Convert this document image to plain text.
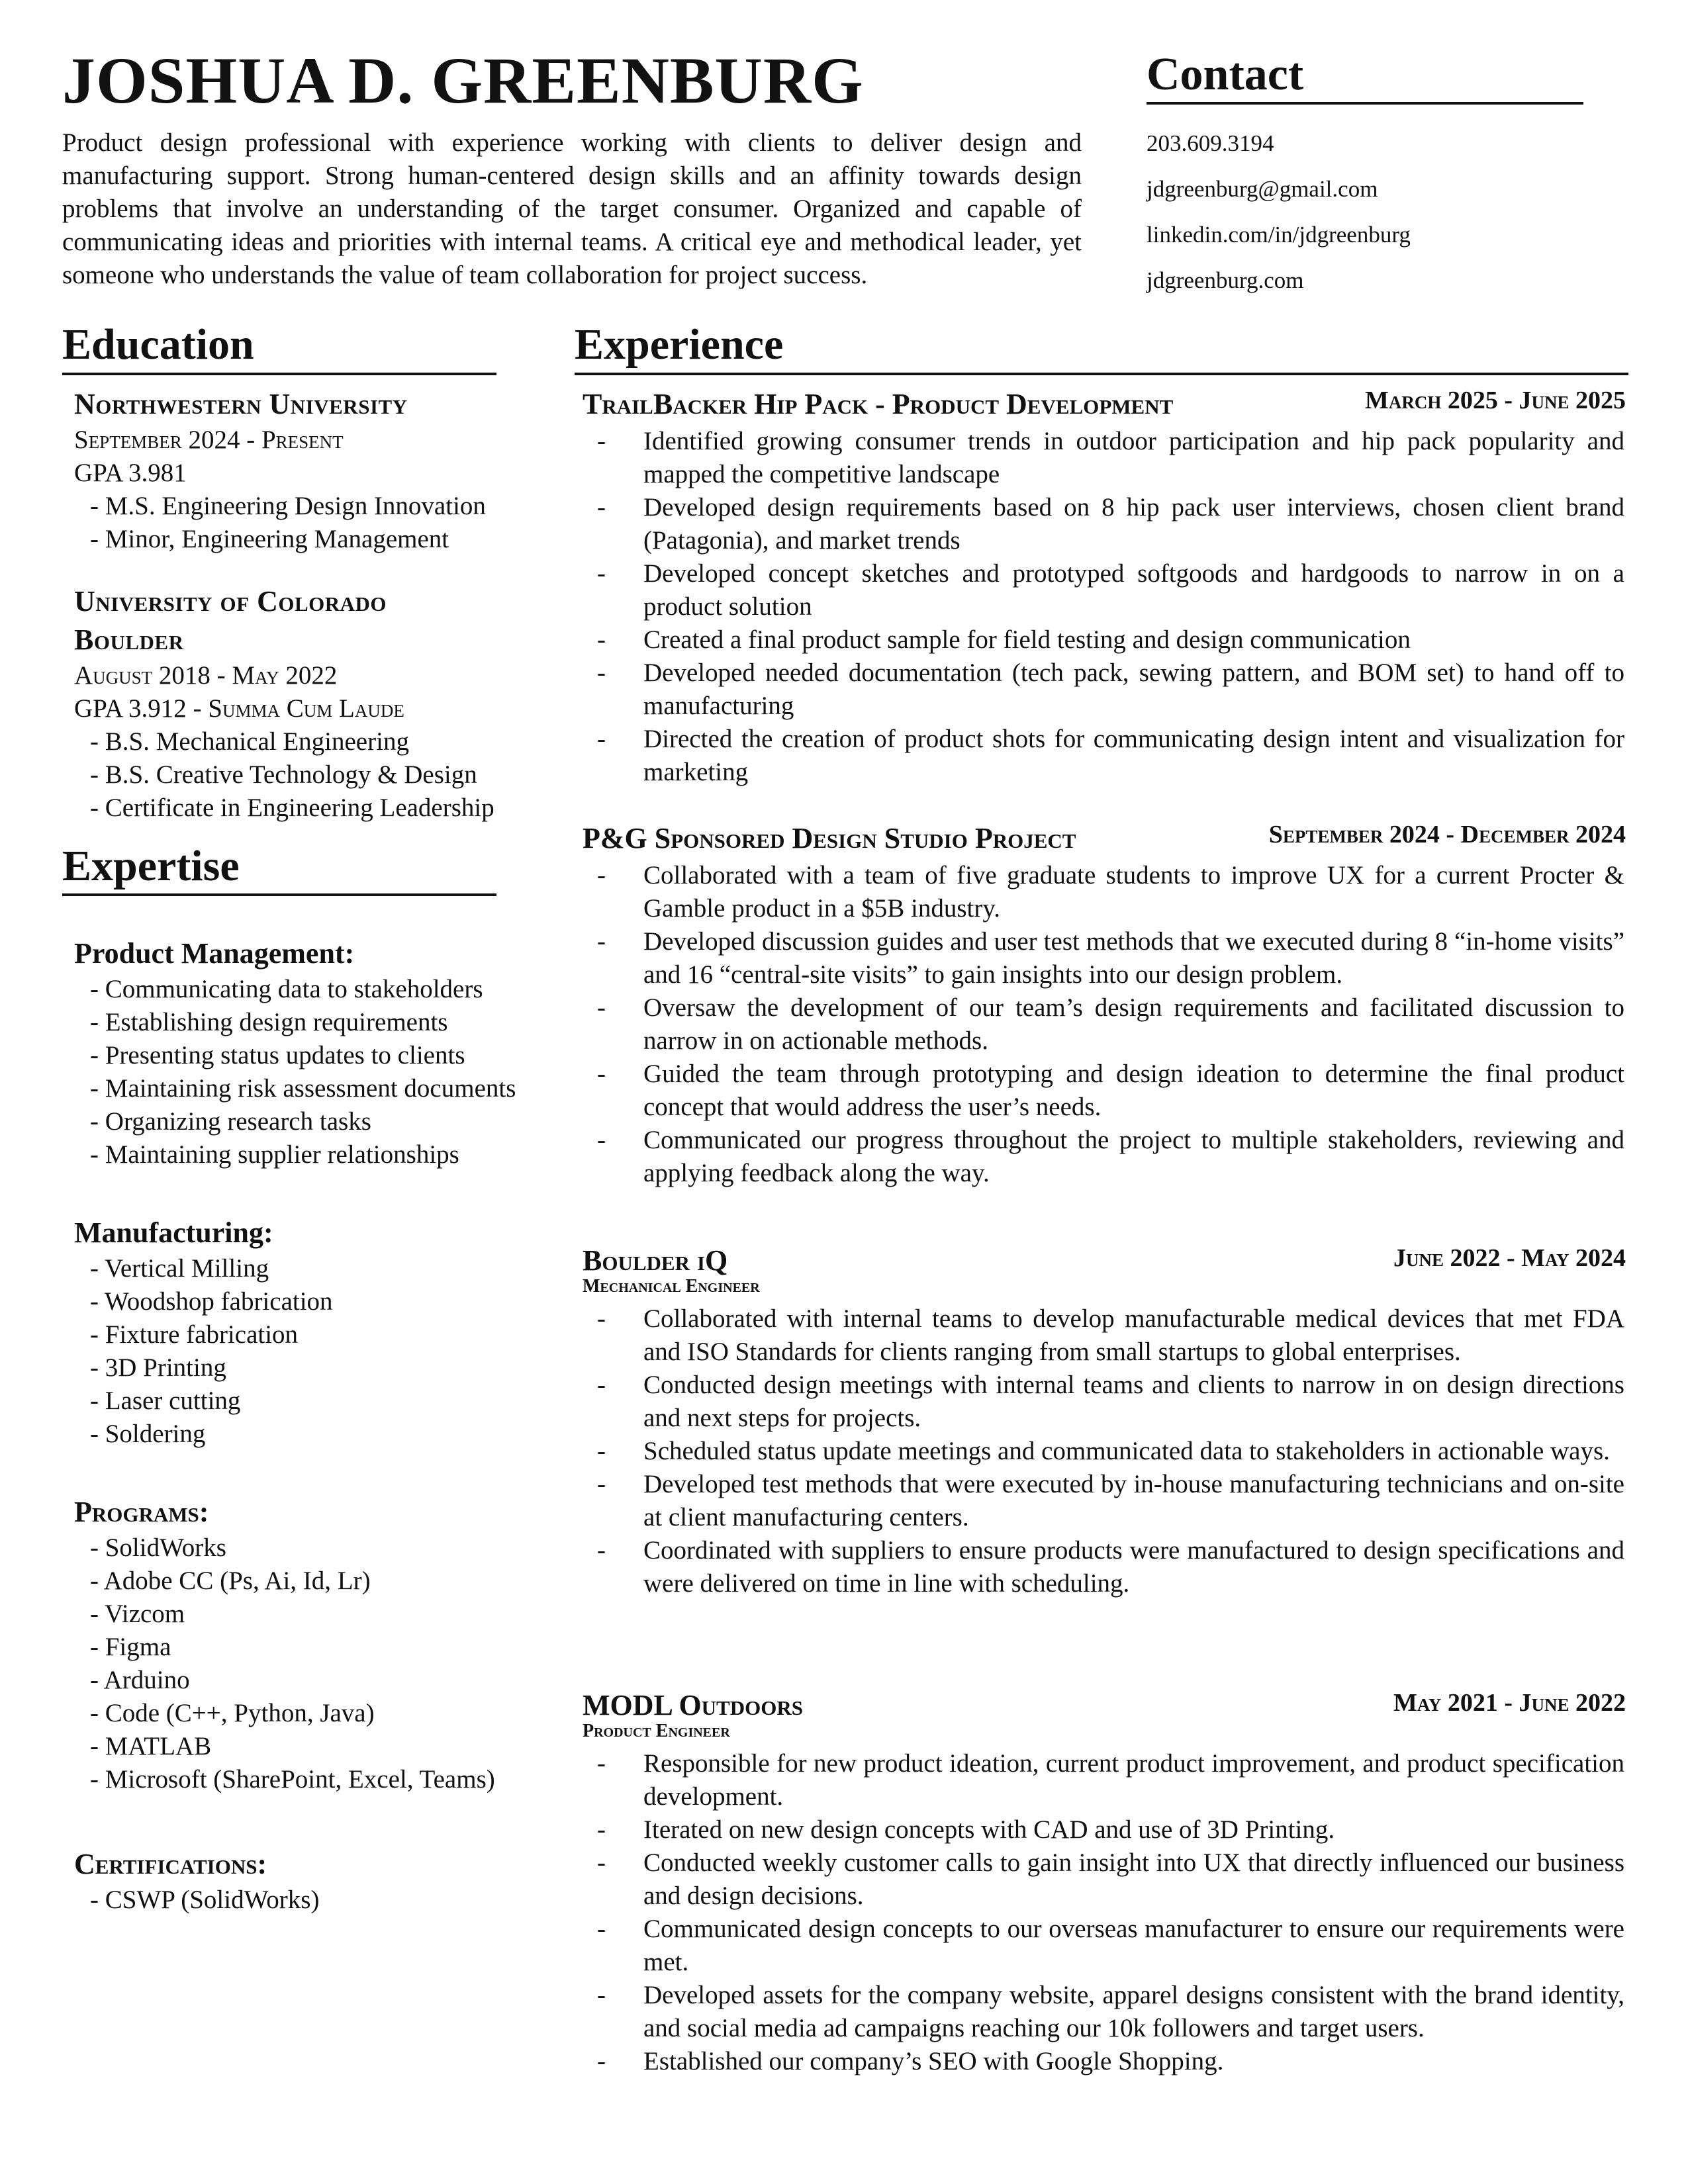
JOSHUA D. GREENBURG
Product design professional with experience working with clients to deliver design and manufacturing support. Strong human-centered design skills and an affinity towards design problems that involve an understanding of the target consumer. Organized and capable of communicating ideas and priorities with internal teams. A critical eye and methodical leader, yet someone who understands the value of team collaboration for project success.
Contact
203.609.3194
jdgreenburg@gmail.com
linkedin.com/in/jdgreenburg
jdgreenburg.com
Education
Northwestern University
September 2024 - Present
GPA 3.981
- M.S. Engineering Design Innovation
- Minor, Engineering Management
University of Colorado
Boulder
August 2018 - May 2022
GPA 3.912 - Summa Cum Laude
- B.S. Mechanical Engineering
- B.S. Creative Technology & Design
- Certificate in Engineering Leadership
Expertise
Product Management:
- Communicating data to stakeholders
- Establishing design requirements
- Presenting status updates to clients
- Maintaining risk assessment documents
- Organizing research tasks
- Maintaining supplier relationships
Manufacturing:
- Vertical Milling
- Woodshop fabrication
- Fixture fabrication
- 3D Printing
- Laser cutting
- Soldering
Programs:
- SolidWorks
- Adobe CC (Ps, Ai, Id, Lr)
- Vizcom
- Figma
- Arduino
- Code (C++, Python, Java)
- MATLAB
- Microsoft (SharePoint, Excel, Teams)
Certifications:
- CSWP (SolidWorks)
Experience
TrailBacker Hip Pack - Product Development	March 2025 - June 2025
- Identified growing consumer trends in outdoor participation and hip pack popularity and mapped the competitive landscape
- Developed design requirements based on 8 hip pack user interviews, chosen client brand (Patagonia), and market trends
- Developed concept sketches and prototyped softgoods and hardgoods to narrow in on a product solution
- Created a final product sample for field testing and design communication
- Developed needed documentation (tech pack, sewing pattern, and BOM set) to hand off to manufacturing
- Directed the creation of product shots for communicating design intent and visualization for marketing
P&G Sponsored Design Studio Project	September 2024 - December 2024
- Collaborated with a team of five graduate students to improve UX for a current Procter & Gamble product in a $5B industry.
- Developed discussion guides and user test methods that we executed during 8 “in-home visits” and 16 “central-site visits” to gain insights into our design problem.
- Oversaw the development of our team’s design requirements and facilitated discussion to narrow in on actionable methods.
- Guided the team through prototyping and design ideation to determine the final product concept that would address the user’s needs.
- Communicated our progress throughout the project to multiple stakeholders, reviewing and applying feedback along the way.
Boulder iQ
Mechanical Engineer
June 2022 - May 2024
- Collaborated with internal teams to develop manufacturable medical devices that met FDA and ISO Standards for clients ranging from small startups to global enterprises.
- Conducted design meetings with internal teams and clients to narrow in on design directions and next steps for projects.
- Scheduled status update meetings and communicated data to stakeholders in actionable ways.
- Developed test methods that were executed by in-house manufacturing technicians and on-site at client manufacturing centers.
- Coordinated with suppliers to ensure products were manufactured to design specifications and were delivered on time in line with scheduling.
MODL Outdoors
Product Engineer
May 2021 - June 2022
- Responsible for new product ideation, current product improvement, and product specification development.
- Iterated on new design concepts with CAD and use of 3D Printing.
- Conducted weekly customer calls to gain insight into UX that directly influenced our business and design decisions.
- Communicated design concepts to our overseas manufacturer to ensure our requirements were met.
- Developed assets for the company website, apparel designs consistent with the brand identity, and social media ad campaigns reaching our 10k followers and target users.
- Established our company’s SEO with Google Shopping.
